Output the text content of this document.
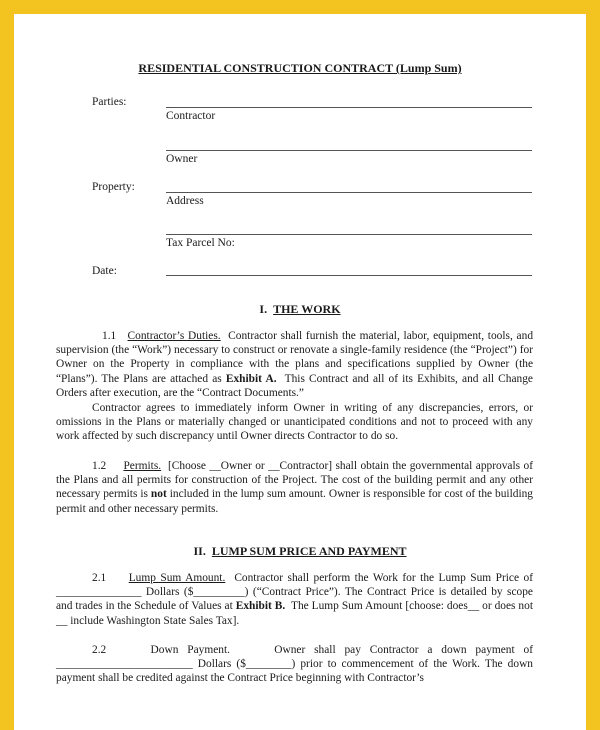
RESIDENTIAL CONSTRUCTION CONTRACT (Lump Sum)
Parties:
Contractor
Owner
Property:
Address
Tax Parcel No:
Date:
I. THE WORK
1.1 Contractor’s Duties. Contractor shall furnish the material, labor, equipment, tools, and supervision (the “Work”) necessary to construct or renovate a single-family residence (the “Project”) for Owner on the Property in compliance with the plans and specifications supplied by Owner (the “Plans”). The Plans are attached as Exhibit A. This Contract and all of its Exhibits, and all Change Orders after execution, are the “Contract Documents.”
Contractor agrees to immediately inform Owner in writing of any discrepancies, errors, or omissions in the Plans or materially changed or unanticipated conditions and not to proceed with any work affected by such discrepancy until Owner directs Contractor to do so.
1.2 Permits. [Choose __Owner or __Contractor] shall obtain the governmental approvals of the Plans and all permits for construction of the Project. The cost of the building permit and any other necessary permits is not included in the lump sum amount. Owner is responsible for cost of the building permit and other necessary permits.
II. LUMP SUM PRICE AND PAYMENT
2.1 Lump Sum Amount. Contractor shall perform the Work for the Lump Sum Price of _______________ Dollars ($_________) (“Contract Price”). The Contract Price is detailed by scope and trades in the Schedule of Values at Exhibit B. The Lump Sum Amount [choose: does__ or does not __ include Washington State Sales Tax].
2.2	Down Payment.	Owner shall pay Contractor a down payment of ________________________ Dollars ($________) prior to commencement of the Work. The down payment shall be credited against the Contract Price beginning with Contractor’s
